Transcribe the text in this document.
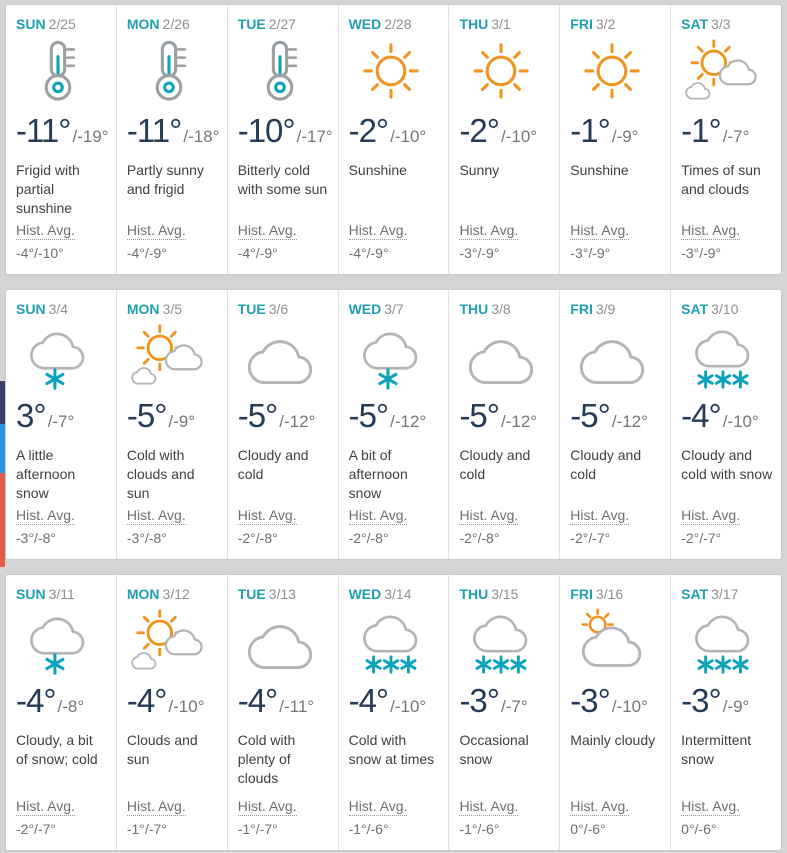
SUN 2/25
-11° /-19°

Frigid with partial sunshine

Hist. Avg.
-4°/-10°
MON 2/26
-11° /-18°

Partly sunny and frigid

Hist. Avg.
-4°/-9°
TUE 2/27
-10° /-17°

Bitterly cold with some sun

Hist. Avg.
-4°/-9°
WED 2/28
-2° /-10°

Sunshine

Hist. Avg.
-4°/-9°
THU 3/1
-2° /-10°

Sunny

Hist. Avg.
-3°/-9°
FRI 3/2
-1° /-9°

Sunshine

Hist. Avg.
-3°/-9°
SAT 3/3
-1° /-7°

Times of sun and clouds

Hist. Avg.
-3°/-9°
SUN 3/4
3° /-7°

A little afternoon snow

Hist. Avg.
-3°/-8°
MON 3/5
-5° /-9°

Cold with clouds and sun

Hist. Avg.
-3°/-8°
TUE 3/6
-5° /-12°

Cloudy and cold

Hist. Avg.
-2°/-8°
WED 3/7
-5° /-12°

A bit of afternoon snow

Hist. Avg.
-2°/-8°
THU 3/8
-5° /-12°

Cloudy and cold

Hist. Avg.
-2°/-8°
FRI 3/9
-5° /-12°

Cloudy and cold

Hist. Avg.
-2°/-7°
SAT 3/10
-4° /-10°

Cloudy and cold with snow

Hist. Avg.
-2°/-7°
SUN 3/11
-4° /-8°

Cloudy, a bit of snow; cold

Hist. Avg.
-2°/-7°
MON 3/12
-4° /-10°

Clouds and sun

Hist. Avg.
-1°/-7°
TUE 3/13
-4° /-11°

Cold with plenty of clouds

Hist. Avg.
-1°/-7°
WED 3/14
-4° /-10°

Cold with snow at times

Hist. Avg.
-1°/-6°
THU 3/15
-3° /-7°

Occasional snow

Hist. Avg.
-1°/-6°
FRI 3/16
-3° /-10°

Mainly cloudy

Hist. Avg.
0°/-6°
SAT 3/17
-3° /-9°

Intermittent snow

Hist. Avg.
0°/-6°
